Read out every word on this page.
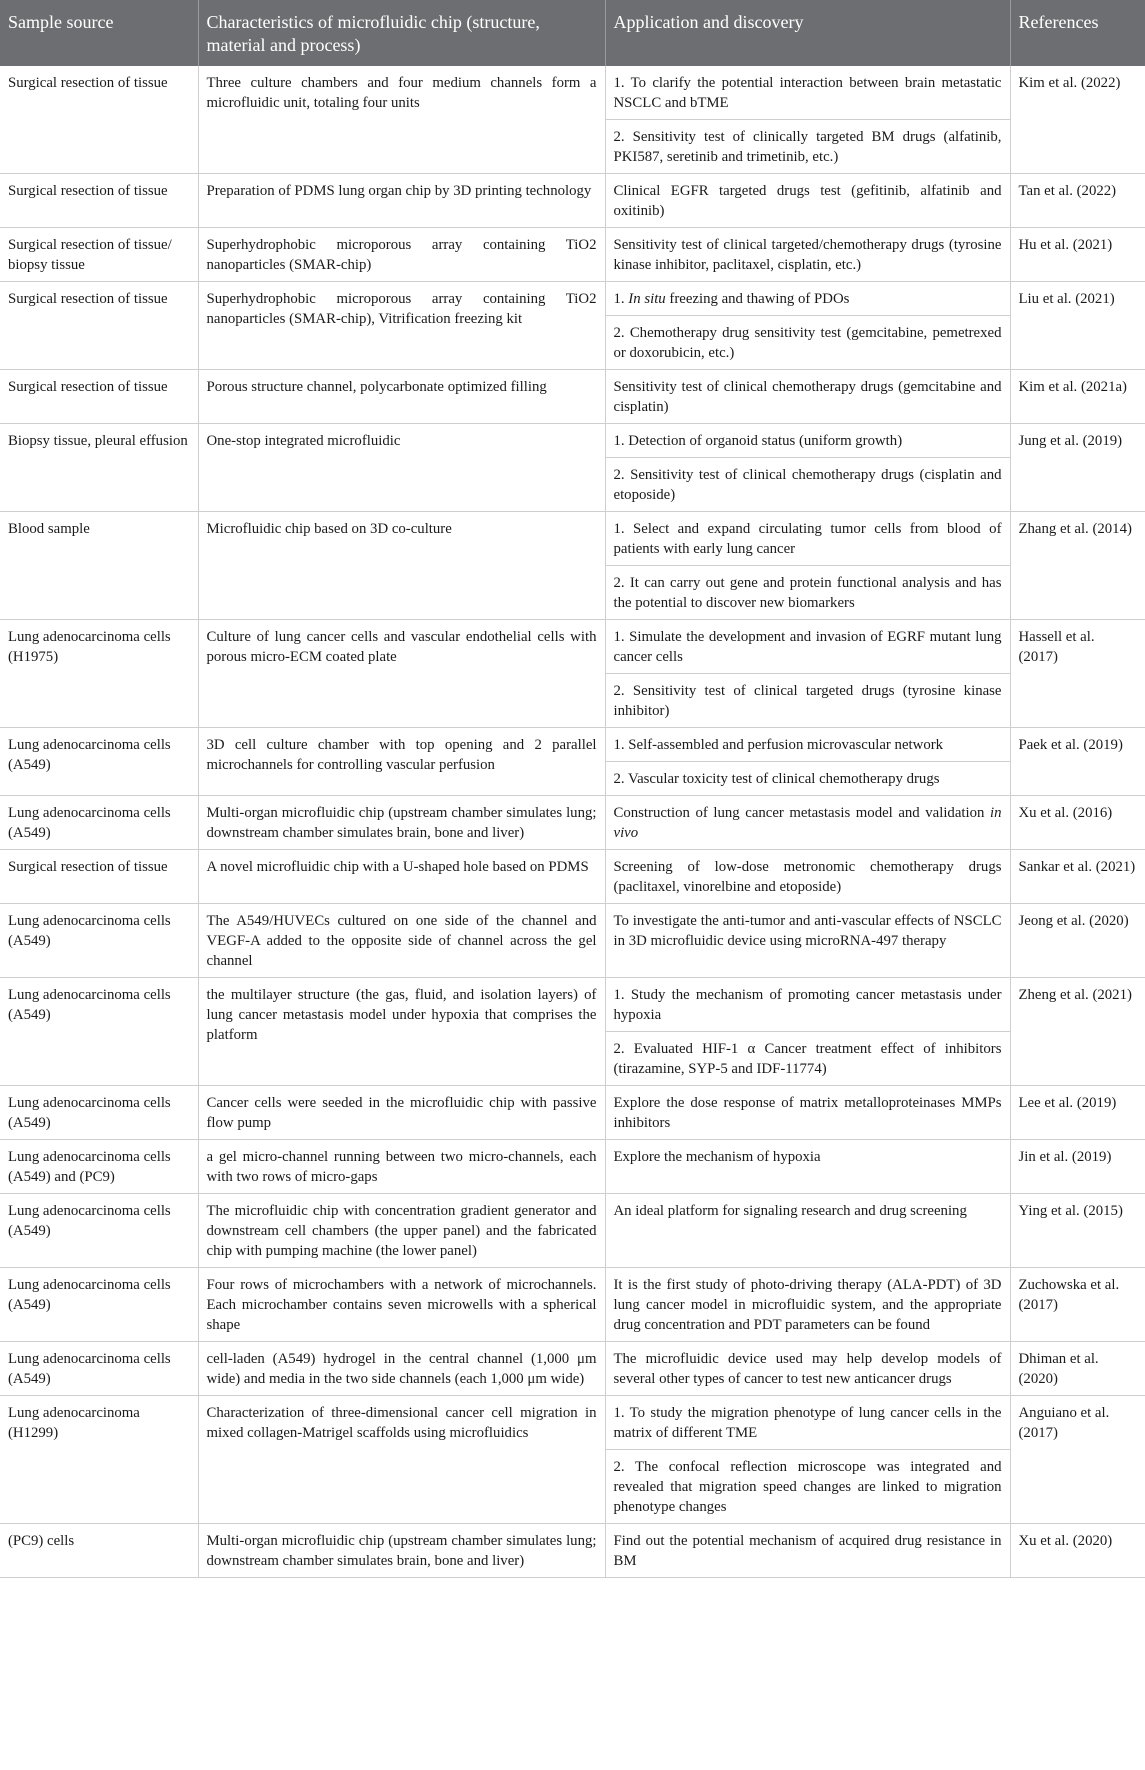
Sample source	Characteristics of microfluidic chip (structure, material and process)	Application and discovery	References
Surgical resection of tissue	Three culture chambers and four medium channels form a microfluidic unit, totaling four units	1. To clarify the potential interaction between brain metastatic NSCLC and bTME
2. Sensitivity test of clinically targeted BM drugs (alfatinib, PKI587, seretinib and trimetinib, etc.)	Kim et al. (2022)
Surgical resection of tissue	Preparation of PDMS lung organ chip by 3D printing technology	Clinical EGFR targeted drugs test (gefitinib, alfatinib and oxitinib)	Tan et al. (2022)
Surgical resection of tissue/ biopsy tissue	Superhydrophobic microporous array containing TiO2 nanoparticles (SMAR-chip)	Sensitivity test of clinical targeted/chemotherapy drugs (tyrosine kinase inhibitor, paclitaxel, cisplatin, etc.)	Hu et al. (2021)
Surgical resection of tissue	Superhydrophobic microporous array containing TiO2 nanoparticles (SMAR-chip), Vitrification freezing kit	1. In situ freezing and thawing of PDOs
2. Chemotherapy drug sensitivity test (gemcitabine, pemetrexed or doxorubicin, etc.)	Liu et al. (2021)
Surgical resection of tissue	Porous structure channel, polycarbonate optimized filling	Sensitivity test of clinical chemotherapy drugs (gemcitabine and cisplatin)	Kim et al. (2021a)
Biopsy tissue, pleural effusion	One-stop integrated microfluidic	1. Detection of organoid status (uniform growth)
2. Sensitivity test of clinical chemotherapy drugs (cisplatin and etoposide)	Jung et al. (2019)
Blood sample	Microfluidic chip based on 3D co-culture	1. Select and expand circulating tumor cells from blood of patients with early lung cancer
2. It can carry out gene and protein functional analysis and has the potential to discover new biomarkers	Zhang et al. (2014)
Lung adenocarcinoma cells (H1975)	Culture of lung cancer cells and vascular endothelial cells with porous micro-ECM coated plate	1. Simulate the development and invasion of EGRF mutant lung cancer cells
2. Sensitivity test of clinical targeted drugs (tyrosine kinase inhibitor)	Hassell et al. (2017)
Lung adenocarcinoma cells (A549)	3D cell culture chamber with top opening and 2 parallel microchannels for controlling vascular perfusion	1. Self-assembled and perfusion microvascular network
2. Vascular toxicity test of clinical chemotherapy drugs	Paek et al. (2019)
Lung adenocarcinoma cells (A549)	Multi-organ microfluidic chip (upstream chamber simulates lung; downstream chamber simulates brain, bone and liver)	Construction of lung cancer metastasis model and validation in vivo	Xu et al. (2016)
Surgical resection of tissue	A novel microfluidic chip with a U-shaped hole based on PDMS	Screening of low-dose metronomic chemotherapy drugs (paclitaxel, vinorelbine and etoposide)	Sankar et al. (2021)
Lung adenocarcinoma cells (A549)	The A549/HUVECs cultured on one side of the channel and VEGF-A added to the opposite side of channel across the gel channel	To investigate the anti-tumor and anti-vascular effects of NSCLC in 3D microfluidic device using microRNA-497 therapy	Jeong et al. (2020)
Lung adenocarcinoma cells (A549)	the multilayer structure (the gas, fluid, and isolation layers) of lung cancer metastasis model under hypoxia that comprises the platform	1. Study the mechanism of promoting cancer metastasis under hypoxia
2. Evaluated HIF-1 α Cancer treatment effect of inhibitors (tirazamine, SYP-5 and IDF-11774)	Zheng et al. (2021)
Lung adenocarcinoma cells (A549)	Cancer cells were seeded in the microfluidic chip with passive flow pump	Explore the dose response of matrix metalloproteinases MMPs inhibitors	Lee et al. (2019)
Lung adenocarcinoma cells (A549) and (PC9)	a gel micro-channel running between two micro-channels, each with two rows of micro-gaps	Explore the mechanism of hypoxia	Jin et al. (2019)
Lung adenocarcinoma cells (A549)	The microfluidic chip with concentration gradient generator and downstream cell chambers (the upper panel) and the fabricated chip with pumping machine (the lower panel)	An ideal platform for signaling research and drug screening	Ying et al. (2015)
Lung adenocarcinoma cells (A549)	Four rows of microchambers with a network of microchannels. Each microchamber contains seven microwells with a spherical shape	It is the first study of photo-driving therapy (ALA-PDT) of 3D lung cancer model in microfluidic system, and the appropriate drug concentration and PDT parameters can be found	Zuchowska et al. (2017)
Lung adenocarcinoma cells (A549)	cell-laden (A549) hydrogel in the central channel (1,000 μm wide) and media in the two side channels (each 1,000 μm wide)	The microfluidic device used may help develop models of several other types of cancer to test new anticancer drugs	Dhiman et al. (2020)
Lung adenocarcinoma (H1299)	Characterization of three-dimensional cancer cell migration in mixed collagen-Matrigel scaffolds using microfluidics	1. To study the migration phenotype of lung cancer cells in the matrix of different TME
2. The confocal reflection microscope was integrated and revealed that migration speed changes are linked to migration phenotype changes	Anguiano et al. (2017)
(PC9) cells	Multi-organ microfluidic chip (upstream chamber simulates lung; downstream chamber simulates brain, bone and liver)	Find out the potential mechanism of acquired drug resistance in BM	Xu et al. (2020)
